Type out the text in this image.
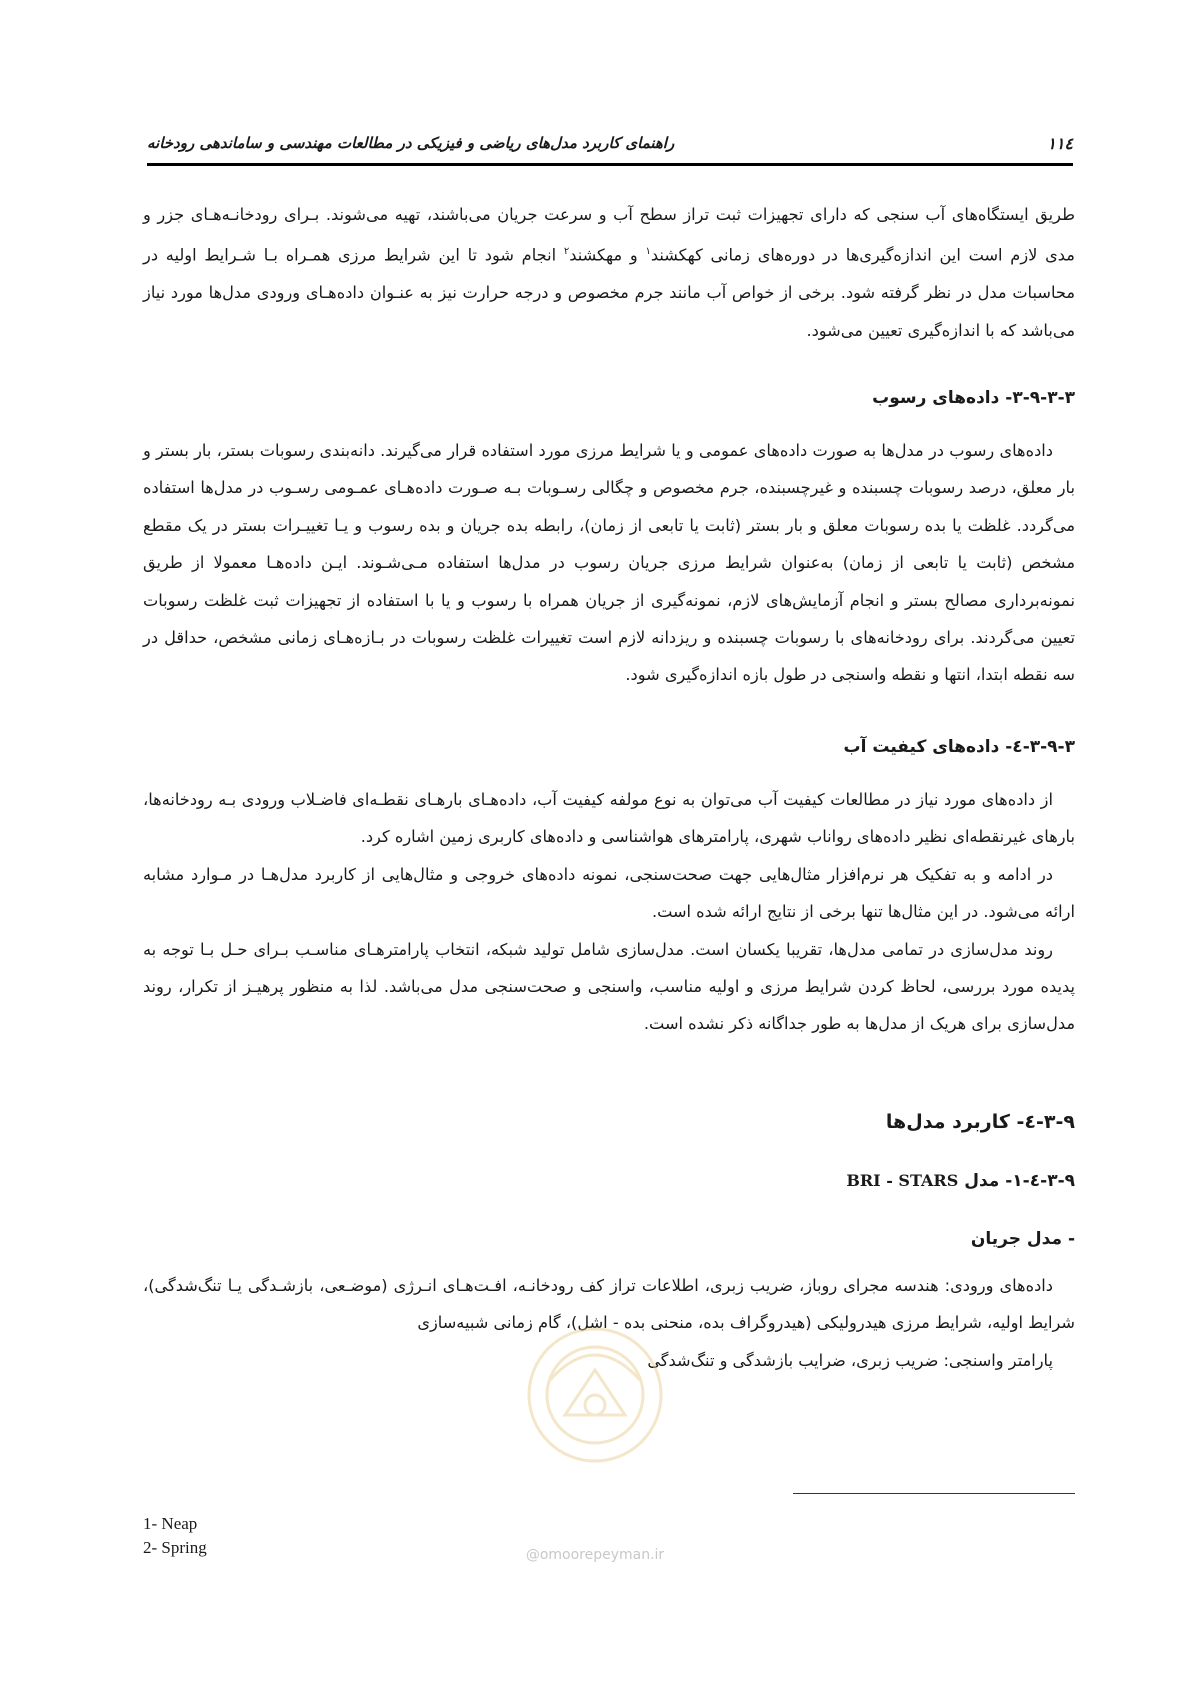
۱۱٤
راهنمای کاربرد مدل‌های ریاضی و فیزیکی در مطالعات مهندسی و ساماندهی رودخانه

طریق ایستگاه‌های آب سنجی که دارای تجهیزات ثبت تراز سطح آب و سرعت جریان می‌باشند، تهیه می‌شوند. بـرای رودخانـه‌هـای جزر و مدی لازم است این اندازه‌گیری‌ها در دوره‌های زمانی کهکشند$^۱$ و مهکشند$^۲$ انجام شود تا این شرایط مرزی همـراه بـا شـرایط اولیه در محاسبات مدل در نظر گرفته شود. برخی از خواص آب مانند جرم مخصوص و درجه حرارت نیز به عنـوان داده‌هـای ورودی مدل‌ها مورد نیاز می‌باشد که با اندازه‌گیری تعیین می‌شود.

۳-۹-۳-۳- داده‌های رسوب

داده‌های رسوب در مدل‌ها به صورت داده‌های عمومی و یا شرایط مرزی مورد استفاده قرار می‌گیرند. دانه‌بندی رسوبات بستر، بار بستر و بار معلق، درصد رسوبات چسبنده و غیرچسبنده، جرم مخصوص و چگالی رسـوبات بـه صـورت داده‌هـای عمـومی رسـوب در مدل‌ها استفاده می‌گردد. غلظت یا بده رسوبات معلق و بار بستر (ثابت یا تابعی از زمان)، رابطه بده جریان و بده رسوب و یـا تغییـرات بستر در یک مقطع مشخص (ثابت یا تابعی از زمان) به‌عنوان شرایط مرزی جریان رسوب در مدل‌ها استفاده مـی‌شـوند. ایـن داده‌هـا معمولا از طریق نمونه‌برداری مصالح بستر و انجام آزمایش‌های لازم، نمونه‌گیری از جریان همراه با رسوب و یا با استفاده از تجهیزات ثبت غلظت رسوبات تعیین می‌گردند. برای رودخانه‌های با رسوبات چسبنده و ریزدانه لازم است تغییرات غلظت رسوبات در بـازه‌هـای زمانی مشخص، حداقل در سه نقطه ابتدا، انتها و نقطه واسنجی در طول بازه اندازه‌گیری شود.

۳-۹-۳-٤- داده‌های کیفیت آب

از داده‌های مورد نیاز در مطالعات کیفیت آب می‌توان به نوع مولفه کیفیت آب، داده‌هـای بارهـای نقطـه‌ای فاضـلاب ورودی بـه رودخانه‌ها، بارهای غیرنقطه‌ای نظیر داده‌های رواناب شهری، پارامترهای هواشناسی و داده‌های کاربری زمین اشاره کرد.

در ادامه و به تفکیک هر نرم‌افزار مثال‌هایی جهت صحت‌سنجی، نمونه داده‌های خروجی و مثال‌هایی از کاربرد مدل‌هـا در مـوارد مشابه ارائه می‌شود. در این مثال‌ها تنها برخی از نتایج ارائه شده است.

روند مدل‌سازی در تمامی مدل‌ها، تقریبا یکسان است. مدل‌سازی شامل تولید شبکه، انتخاب پارامترهـای مناسـب بـرای حـل بـا توجه به پدیده مورد بررسی، لحاظ کردن شرایط مرزی و اولیه مناسب، واسنجی و صحت‌سنجی مدل می‌باشد. لذا به منظور پرهیـز از تکرار، روند مدل‌سازی برای هریک از مدل‌ها به طور جداگانه ذکر نشده است.

۳-۹-٤- کاربرد مدل‌ها
۳-۹-٤-۱- مدل BRI - STARS
- مدل جریان

داده‌های ورودی: هندسه مجرای روباز، ضریب زبری، اطلاعات تراز کف رودخانـه، افـت‌هـای انـرژی (موضـعی، بازشـدگی یـا تنگ‌شدگی)، شرایط اولیه، شرایط مرزی هیدرولیکی (هیدروگراف بده، منحنی بده - اشل)، گام زمانی شبیه‌سازی

پارامتر واسنجی: ضریب زبری، ضرایب بازشدگی و تنگ‌شدگی

@omoorepeyman.ir
1- Neap
2- Spring
